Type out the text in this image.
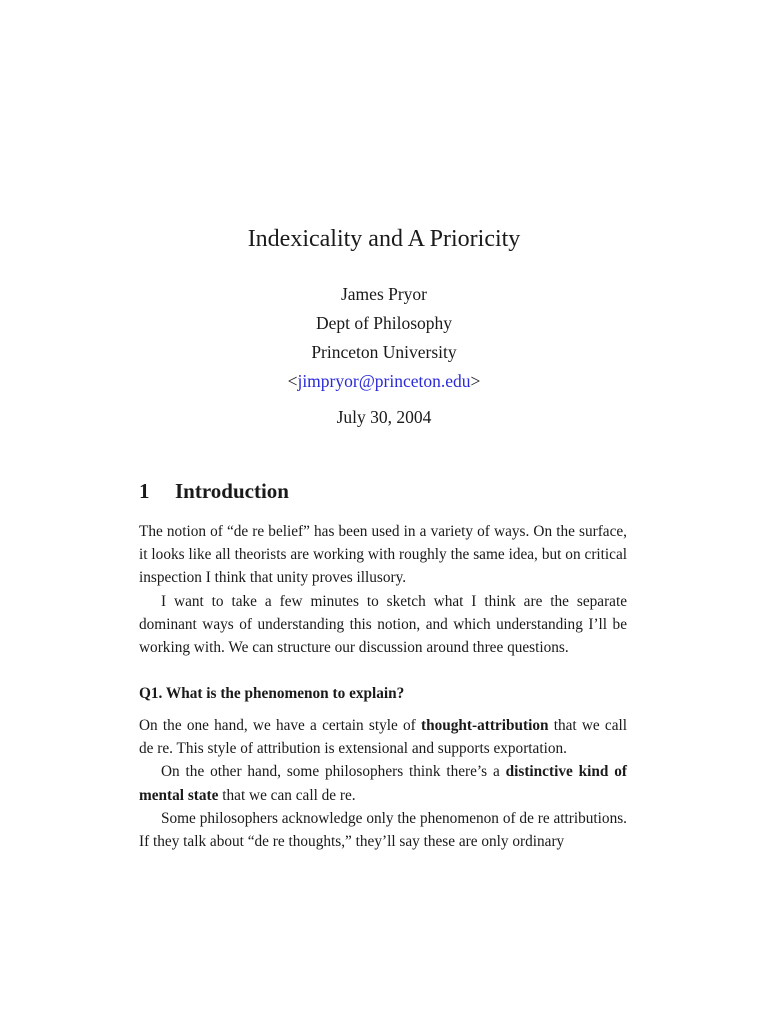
Indexicality and A Prioricity
James Pryor
Dept of Philosophy
Princeton University
<jimpryor@princeton.edu>
July 30, 2004
1 Introduction

The notion of “de re belief” has been used in a variety of ways. On the surface, it looks like all theorists are working with roughly the same idea, but on critical inspection I think that unity proves illusory.

I want to take a few minutes to sketch what I think are the separate dominant ways of understanding this notion, and which understanding I’ll be working with. We can structure our discussion around three questions.

Q1. What is the phenomenon to explain?

On the one hand, we have a certain style of thought-attribution that we call de re. This style of attribution is extensional and supports exportation.

On the other hand, some philosophers think there’s a distinctive kind of mental state that we can call de re.

Some philosophers acknowledge only the phenomenon of de re attributions. If they talk about “de re thoughts,” they’ll say these are only ordinary
